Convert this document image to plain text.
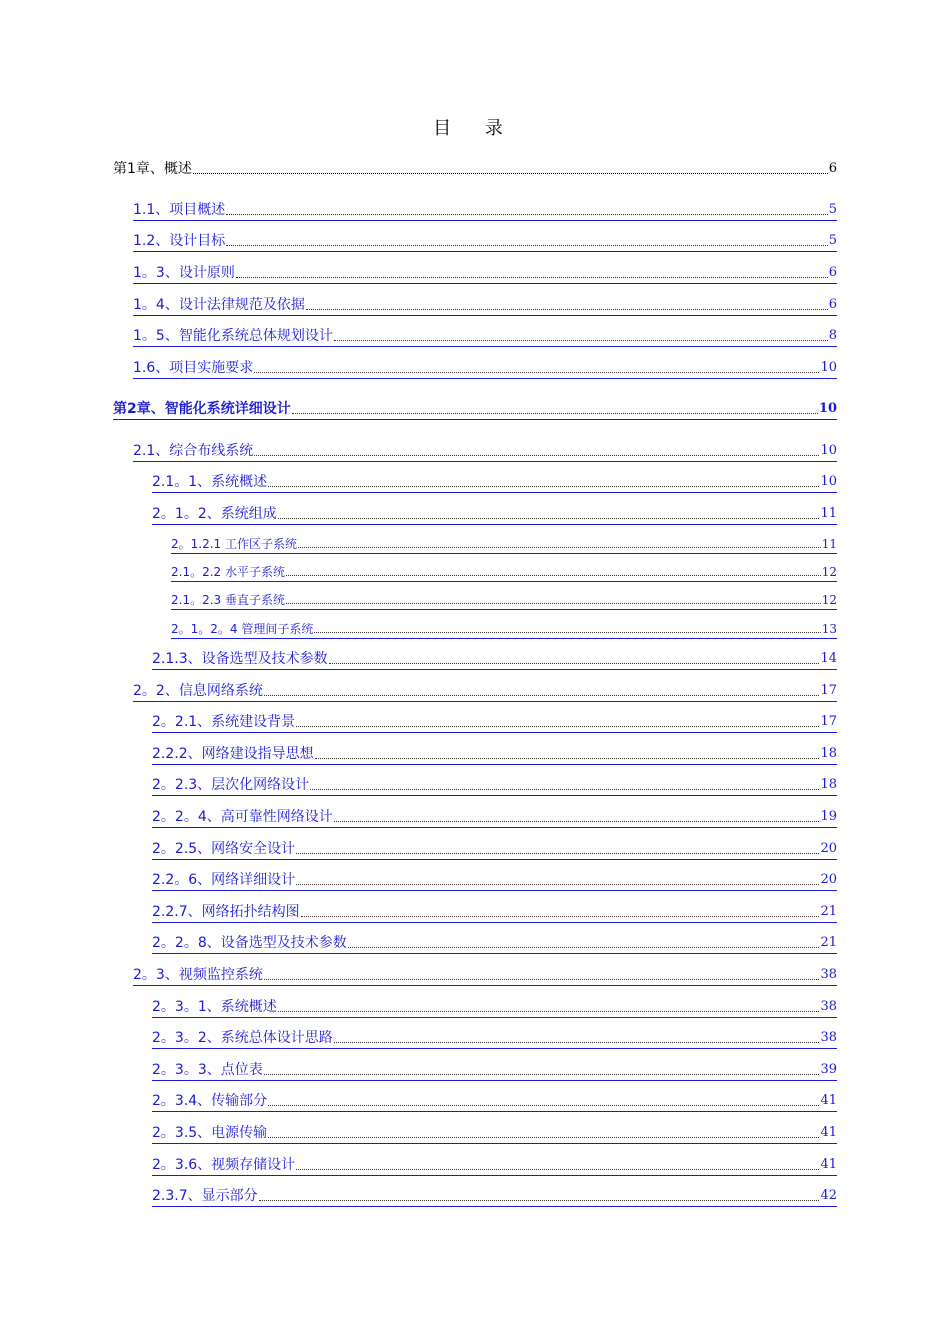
目 录
第1章、概述	6
1.1、项目概述	5
1.2、设计目标	5
1。3、设计原则	6
1。4、设计法律规范及依据	6
1。5、智能化系统总体规划设计	8
1.6、项目实施要求	10
第2章、智能化系统详细设计	10
2.1、综合布线系统	10
2.1。1、系统概述	10
2。1。2、系统组成	11
2。1.2.1 工作区子系统	11
2.1。2.2 水平子系统	12
2.1。2.3 垂直子系统	12
2。1。2。4 管理间子系统	13
2.1.3、设备选型及技术参数	14
2。2、信息网络系统	17
2。2.1、系统建设背景	17
2.2.2、网络建设指导思想	18
2。2.3、层次化网络设计	18
2。2。4、高可靠性网络设计	19
2。2.5、网络安全设计	20
2.2。6、网络详细设计	20
2.2.7、网络拓扑结构图	21
2。2。8、设备选型及技术参数	21
2。3、视频监控系统	38
2。3。1、系统概述	38
2。3。2、系统总体设计思路	38
2。3。3、点位表	39
2。3.4、传输部分	41
2。3.5、电源传输	41
2。3.6、视频存储设计	41
2.3.7、显示部分	42
